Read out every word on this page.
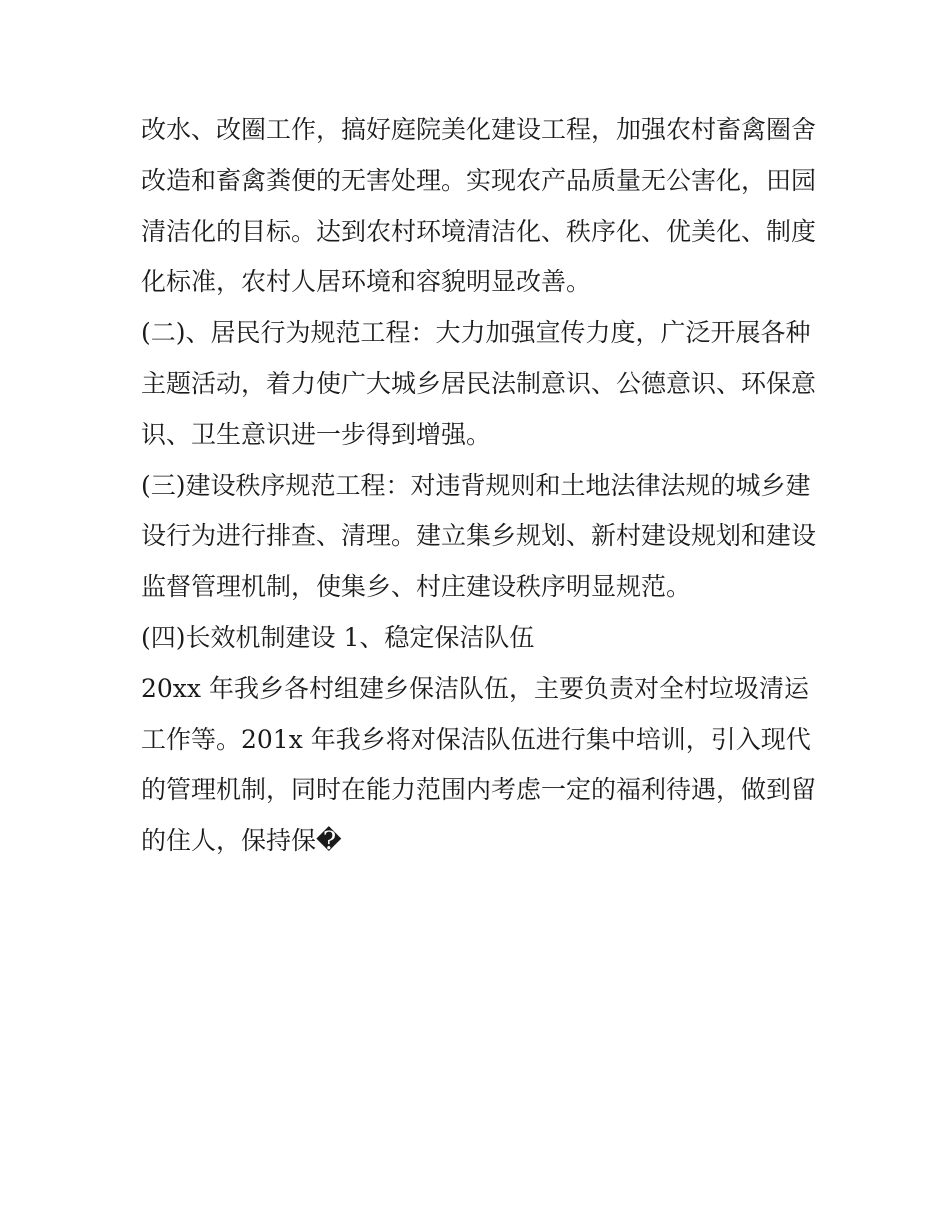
改水、改圈工作，搞好庭院美化建设工程，加强农村畜禽圈舍
改造和畜禽粪便的无害处理。实现农产品质量无公害化，田园
清洁化的目标。达到农村环境清洁化、秩序化、优美化、制度
化标准，农村人居环境和容貌明显改善。
(二)、居民行为规范工程：大力加强宣传力度，广泛开展各种
主题活动，着力使广大城乡居民法制意识、公德意识、环保意
识、卫生意识进一步得到增强。
(三)建设秩序规范工程：对违背规则和土地法律法规的城乡建
设行为进行排查、清理。建立集乡规划、新村建设规划和建设
监督管理机制，使集乡、村庄建设秩序明显规范。
(四)长效机制建设 1、稳定保洁队伍
20xx 年我乡各村组建乡保洁队伍，主要负责对全村垃圾清运
工作等。201x 年我乡将对保洁队伍进行集中培训，引入现代
的管理机制，同时在能力范围内考虑一定的福利待遇，做到留
的住人，保持保�
